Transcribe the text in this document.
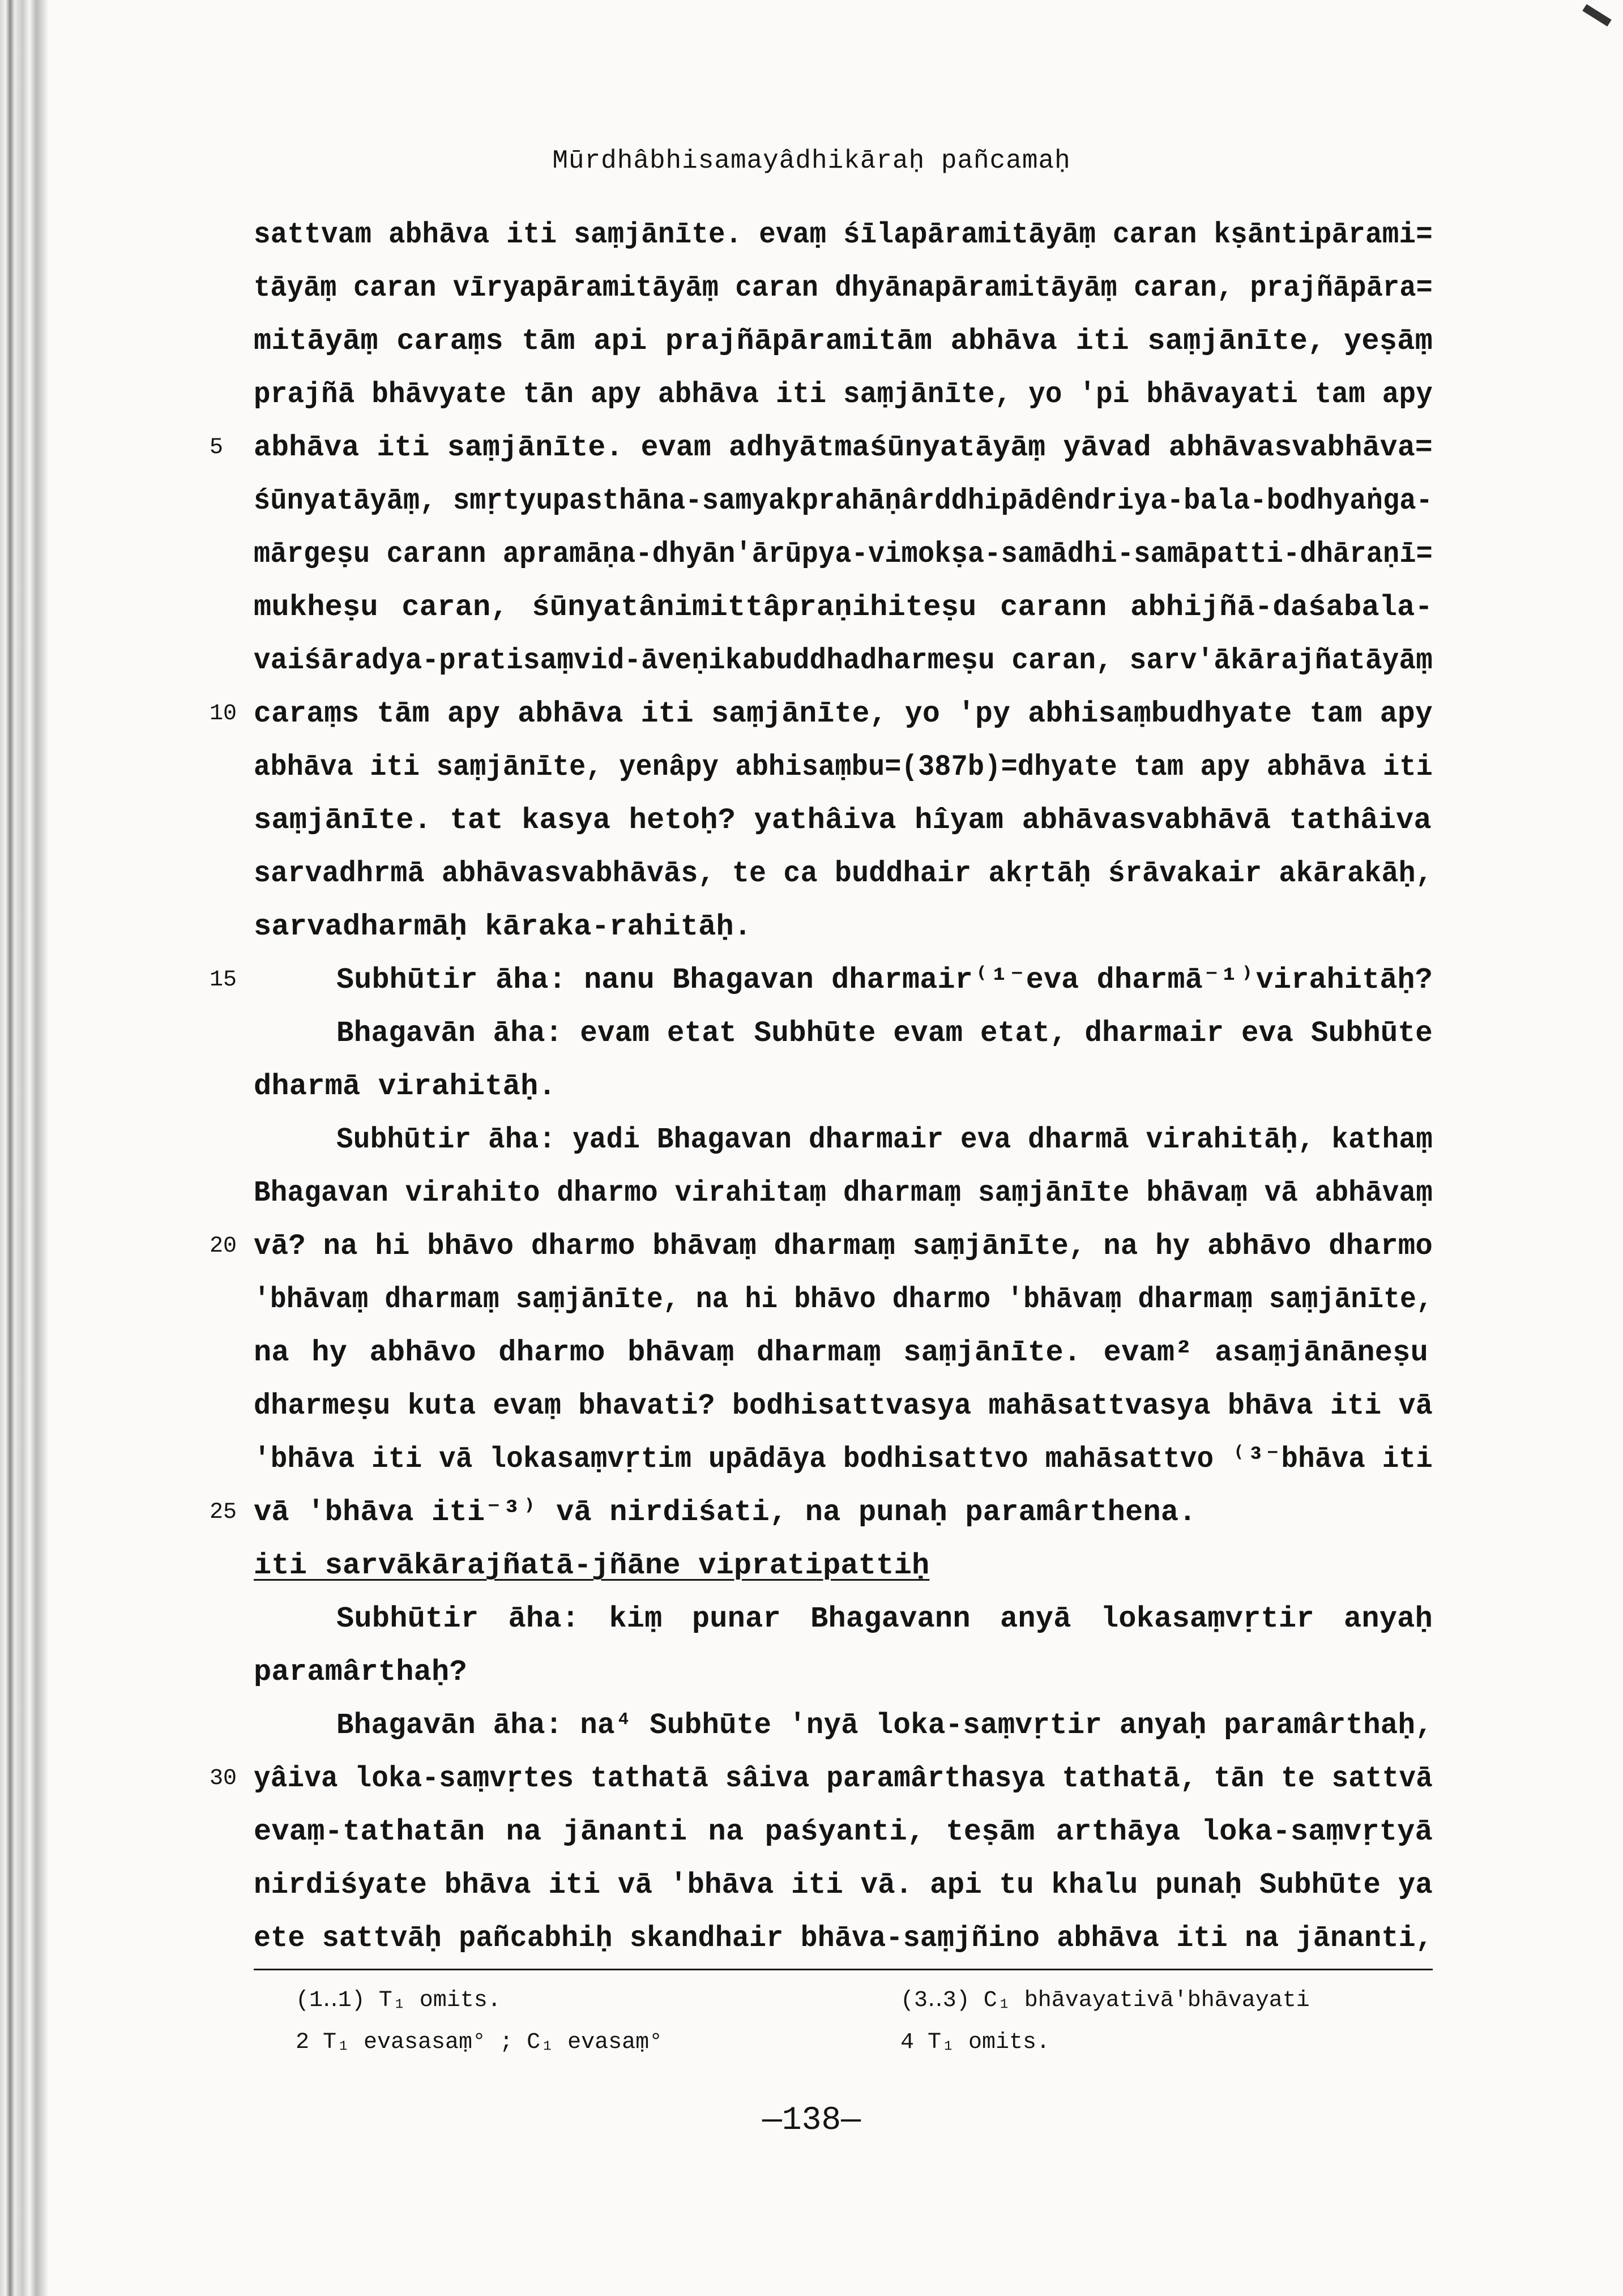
Mūrdhâbhisamayâdhikāraḥ pañcamaḥ
sattvam abhāva iti saṃjānīte. evaṃ śīlapāramitāyāṃ caran kṣāntipārami=
tāyāṃ caran vīryapāramitāyāṃ caran dhyānapāramitāyāṃ caran, prajñāpāra=
mitāyāṃ caraṃs tām api prajñāpāramitām abhāva iti saṃjānīte, yeṣāṃ
prajñā bhāvyate tān apy abhāva iti saṃjānīte, yo 'pi bhāvayati tam apy
5	abhāva iti saṃjānīte. evam adhyātmaśūnyatāyāṃ yāvad abhāvasvabhāva=
śūnyatāyāṃ, smṛtyupasthāna-samyakprahāṇârddhipādêndriya-bala-bodhyaṅga-
mārgeṣu carann apramāṇa-dhyān'ārūpya-vimokṣa-samādhi-samāpatti-dhāraṇī=
mukheṣu caran, śūnyatânimittâpraṇihiteṣu carann abhijñā-daśabala-
vaiśāradya-pratisaṃvid-āveṇikabuddhadharmeṣu caran, sarv'ākārajñatāyāṃ
10 caraṃs tām apy abhāva iti saṃjānīte, yo 'py abhisaṃbudhyate tam apy
abhāva iti saṃjānīte, yenâpy abhisaṃbu=(387b)=dhyate tam apy abhāva iti
saṃjānīte. tat kasya hetoḥ? yathâiva hîyam abhāvasvabhāvā tathâiva
sarvadhrmā abhāvasvabhāvās, te ca buddhair akṛtāḥ śrāvakair akārakāḥ,
sarvadharmāḥ kāraka-rahitāḥ.
15	Subhūtir āha: nanu Bhagavan dharmair⁽¹⁻eva dharmā⁻¹⁾virahitāḥ?
Bhagavān āha: evam etat Subhūte evam etat, dharmair eva Subhūte
dharmā virahitāḥ.
Subhūtir āha: yadi Bhagavan dharmair eva dharmā virahitāḥ, kathaṃ
Bhagavan virahito dharmo virahitaṃ dharmaṃ saṃjānīte bhāvaṃ vā abhāvaṃ
20 vā? na hi bhāvo dharmo bhāvaṃ dharmaṃ saṃjānīte, na hy abhāvo dharmo
'bhāvaṃ dharmaṃ saṃjānīte, na hi bhāvo dharmo 'bhāvaṃ dharmaṃ saṃjānīte,
na hy abhāvo dharmo bhāvaṃ dharmaṃ saṃjānīte. evam² asaṃjānāneṣu
dharmeṣu kuta evaṃ bhavati? bodhisattvasya mahāsattvasya bhāva iti vā
'bhāva iti vā lokasaṃvṛtim upādāya bodhisattvo mahāsattvo ⁽³⁻bhāva iti
25 vā 'bhāva iti⁻³⁾ vā nirdiśati, na punaḥ paramârthena.
iti sarvākārajñatā-jñāne vipratipattiḥ
Subhūtir āha: kiṃ punar Bhagavann anyā lokasaṃvṛtir anyaḥ
paramârthaḥ?
Bhagavān āha: na⁴ Subhūte 'nyā loka-saṃvṛtir anyaḥ paramârthaḥ,
30 yâiva loka-saṃvṛtes tathatā sâiva paramârthasya tathatā, tān te sattvā
evaṃ-tathatān na jānanti na paśyanti, teṣām arthāya loka-saṃvṛtyā
nirdiśyate bhāva iti vā 'bhāva iti vā. api tu khalu punaḥ Subhūte ya
ete sattvāḥ pañcabhiḥ skandhair bhāva-saṃjñino abhāva iti na jānanti,
(1‥1) T₁ omits.	(3‥3) C₁ bhāvayativā'bhāvayati
2 T₁ evasasaṃ° ; C₁ evasaṃ°	4 T₁ omits.
—138—
